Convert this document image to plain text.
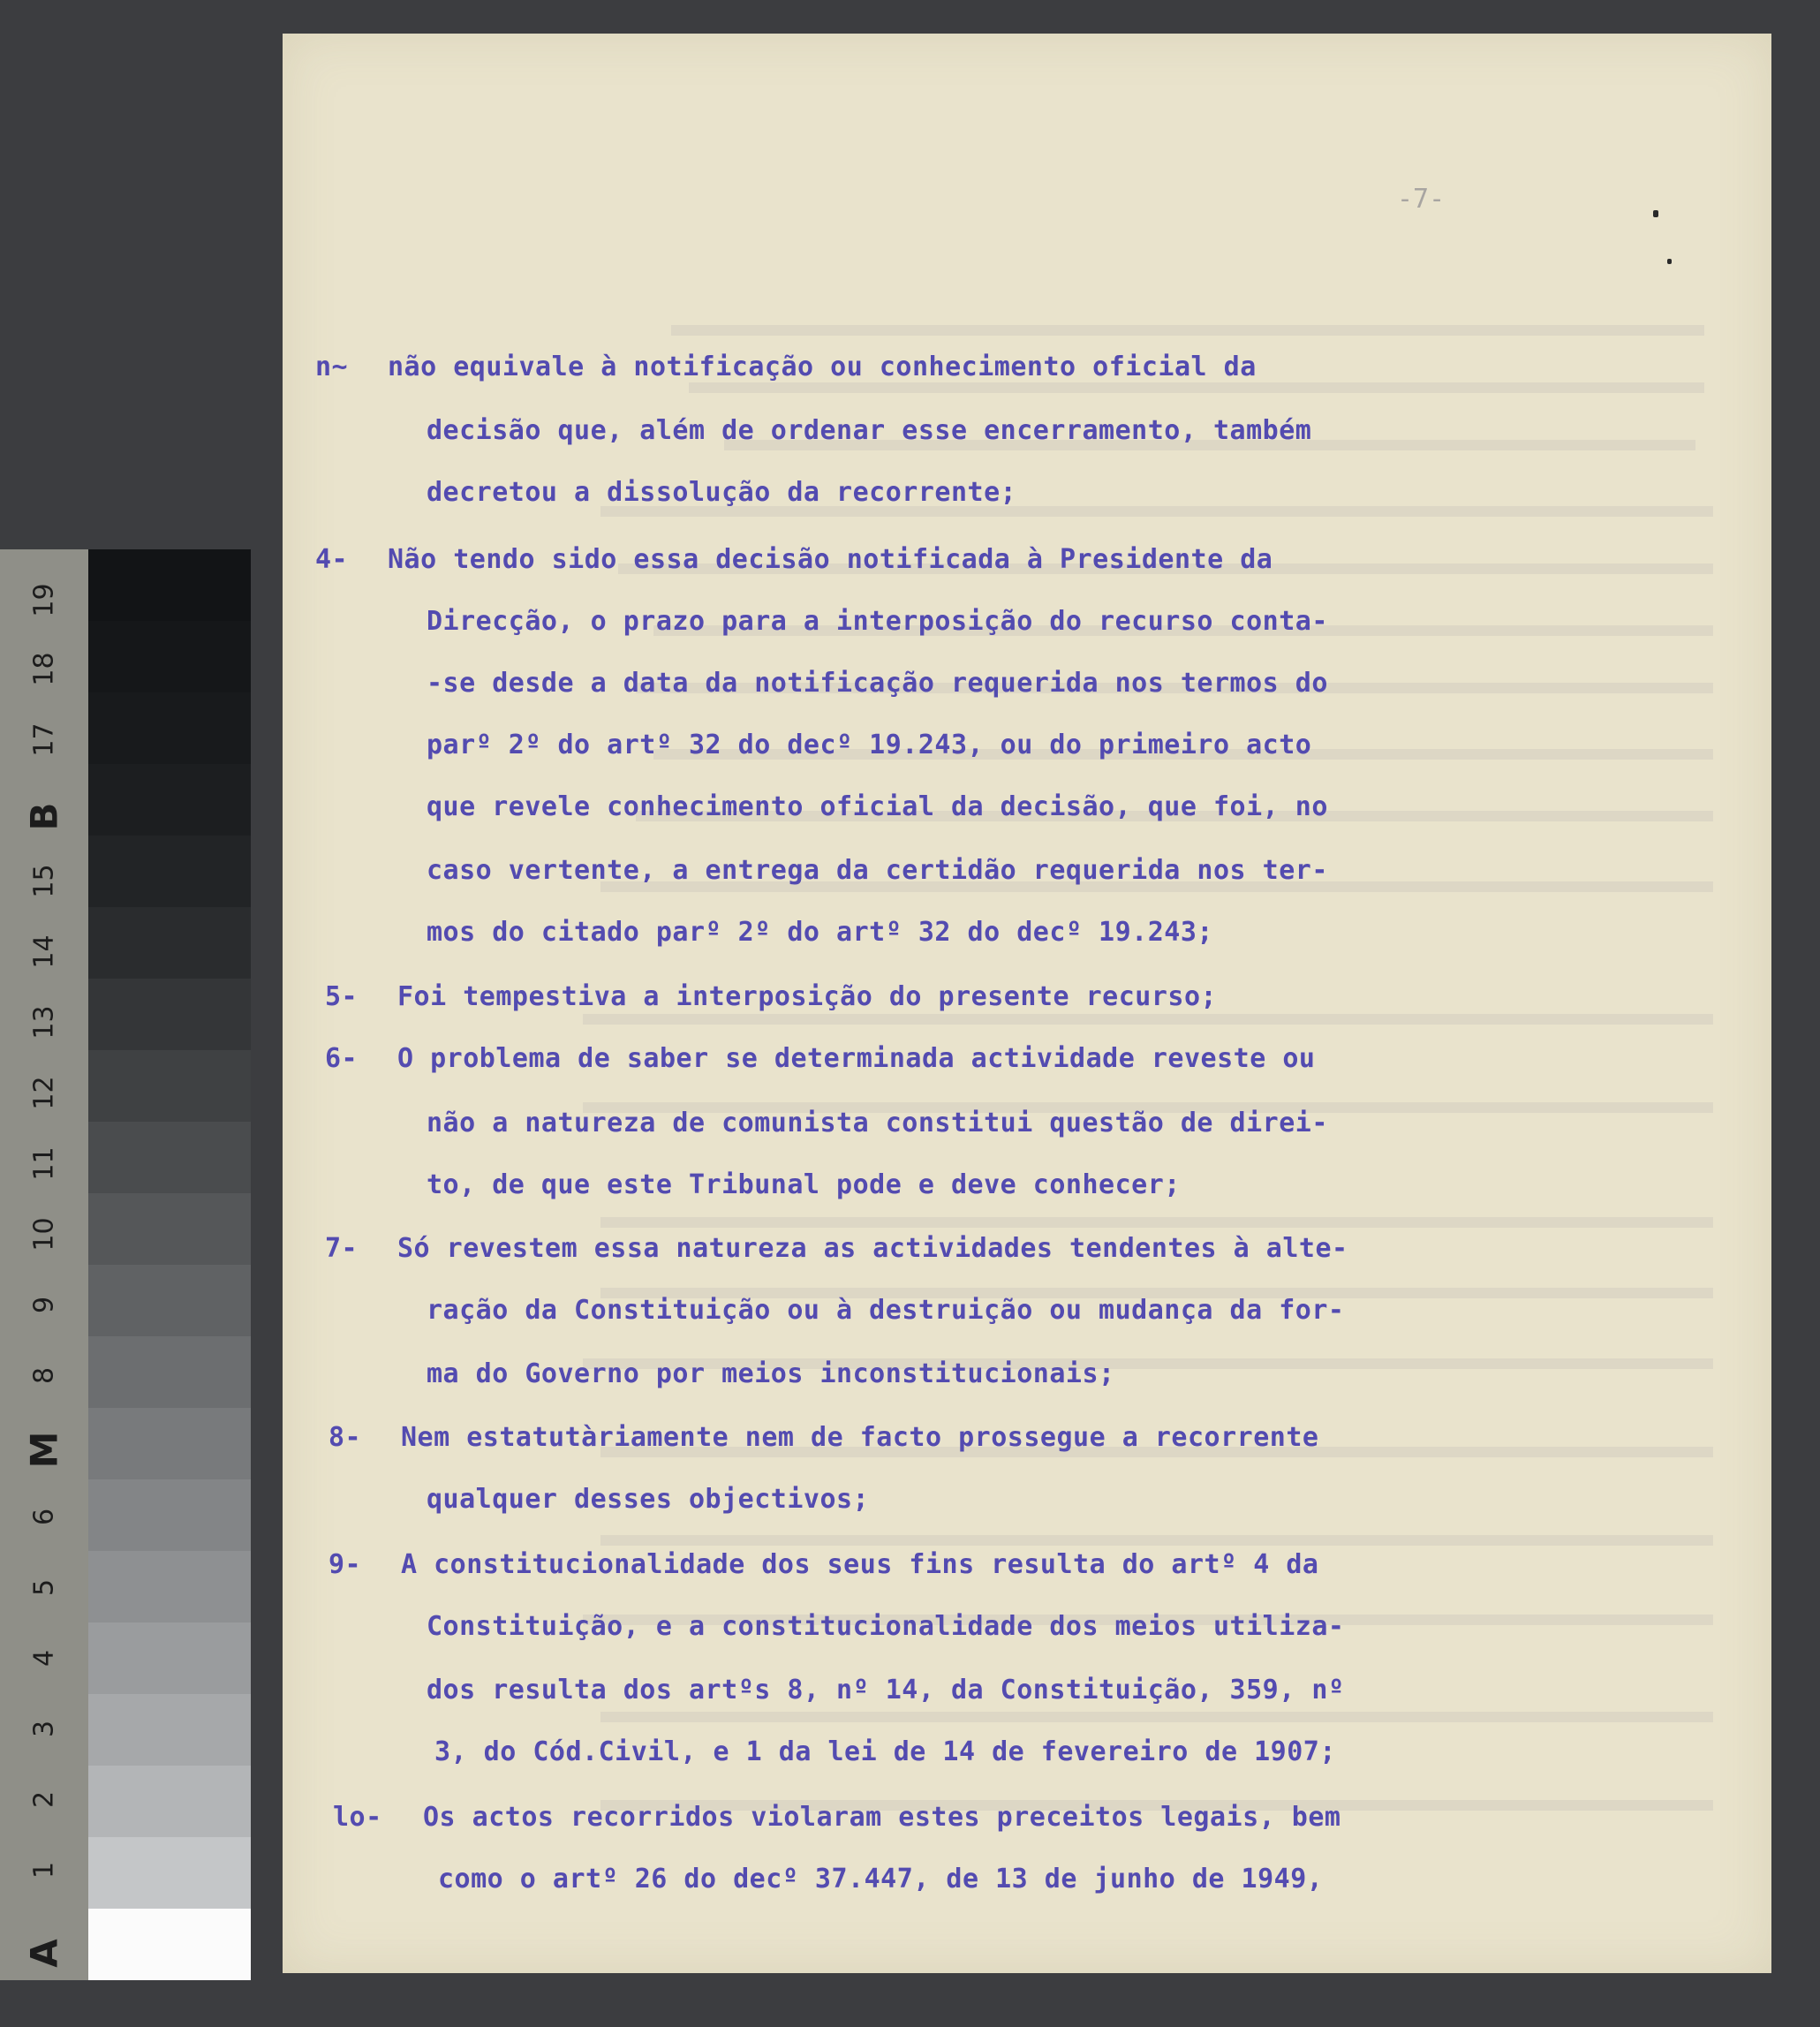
A
1
2
3
4
5
6
M
8
9
10
11
12
13
14
15
B
17
18
19
-7-
n~ não equivale à notificação ou conhecimento oficial da
decisão que, além de ordenar esse encerramento, também
decretou a dissolução da recorrente;
4- Não tendo sido essa decisão notificada à Presidente da
Direcção, o prazo para a interposição do recurso conta-
-se desde a data da notificação requerida nos termos do
parº 2º do artº 32 do decº 19.243, ou do primeiro acto
que revele conhecimento oficial da decisão, que foi, no
caso vertente, a entrega da certidão requerida nos ter-
mos do citado parº 2º do artº 32 do decº 19.243;
5- Foi tempestiva a interposição do presente recurso;
6- O problema de saber se determinada actividade reveste ou
não a natureza de comunista constitui questão de direi-
to, de que este Tribunal pode e deve conhecer;
7- Só revestem essa natureza as actividades tendentes à alte-
ração da Constituição ou à destruição ou mudança da for-
ma do Governo por meios inconstitucionais;
8- Nem estatutàriamente nem de facto prossegue a recorrente
qualquer desses objectivos;
9- A constitucionalidade dos seus fins resulta do artº 4 da
Constituição, e a constitucionalidade dos meios utiliza-
dos resulta dos artºs 8, nº 14, da Constituição, 359, nº
3, do Cód.Civil, e 1 da lei de 14 de fevereiro de 1907;
lo- Os actos recorridos violaram estes preceitos legais, bem
como o artº 26 do decº 37.447, de 13 de junho de 1949,
